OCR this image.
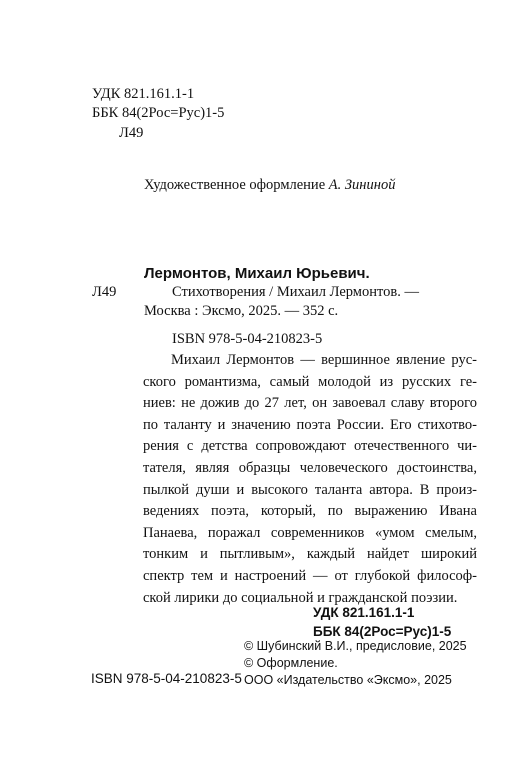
УДК 821.161.1-1
ББК 84(2Рос=Рус)1-5
Л49
Художественное оформление А. Зининой
Лермонтов, Михаил Юрьевич.
Л49	Стихотворения / Михаил Лермонтов. —
Москва : Эксмо, 2025. — 352 с.
ISBN 978-5-04-210823-5
Михаил Лермонтов — вершинное явление рус-
ского романтизма, самый молодой из русских ге-
ниев: не дожив до 27 лет, он завоевал славу второго
по таланту и значению поэта России. Его стихотво-
рения с детства сопровождают отечественного чи-
тателя, являя образцы человеческого достоинства,
пылкой души и высокого таланта автора. В произ-
ведениях поэта, который, по выражению Ивана
Панаева, поражал современников «умом смелым,
тонким и пытливым», каждый найдет широкий
спектр тем и настроений — от глубокой философ-
ской лирики до социальной и гражданской поэзии.
УДК 821.161.1-1
ББК 84(2Рос=Рус)1-5
© Шубинский В.И., предисловие, 2025
© Оформление.
ISBN 978-5-04-210823-5 ООО «Издательство «Эксмо», 2025
